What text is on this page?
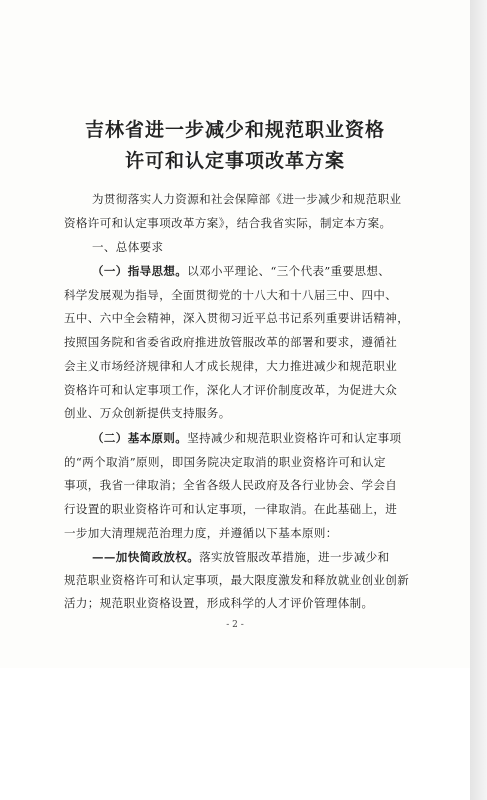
吉林省进一步减少和规范职业资格
许可和认定事项改革方案
为贯彻落实人力资源和社会保障部《进一步减少和规范职业
资格许可和认定事项改革方案》，结合我省实际，制定本方案。
一、总体要求
（一）指导思想。以邓小平理论、“三个代表”重要思想、
科学发展观为指导，全面贯彻党的十八大和十八届三中、四中、
五中、六中全会精神，深入贯彻习近平总书记系列重要讲话精神，
按照国务院和省委省政府推进放管服改革的部署和要求，遵循社
会主义市场经济规律和人才成长规律，大力推进减少和规范职业
资格许可和认定事项工作，深化人才评价制度改革，为促进大众
创业、万众创新提供支持服务。
（二）基本原则。坚持减少和规范职业资格许可和认定事项
的“两个取消”原则，即国务院决定取消的职业资格许可和认定
事项，我省一律取消；全省各级人民政府及各行业协会、学会自
行设置的职业资格许可和认定事项，一律取消。在此基础上，进
一步加大清理规范治理力度，并遵循以下基本原则：
——加快简政放权。落实放管服改革措施，进一步减少和
- 2 -
规范职业资格许可和认定事项，最大限度激发和释放就业创业创新
活力；规范职业资格设置，形成科学的人才评价管理体制。
